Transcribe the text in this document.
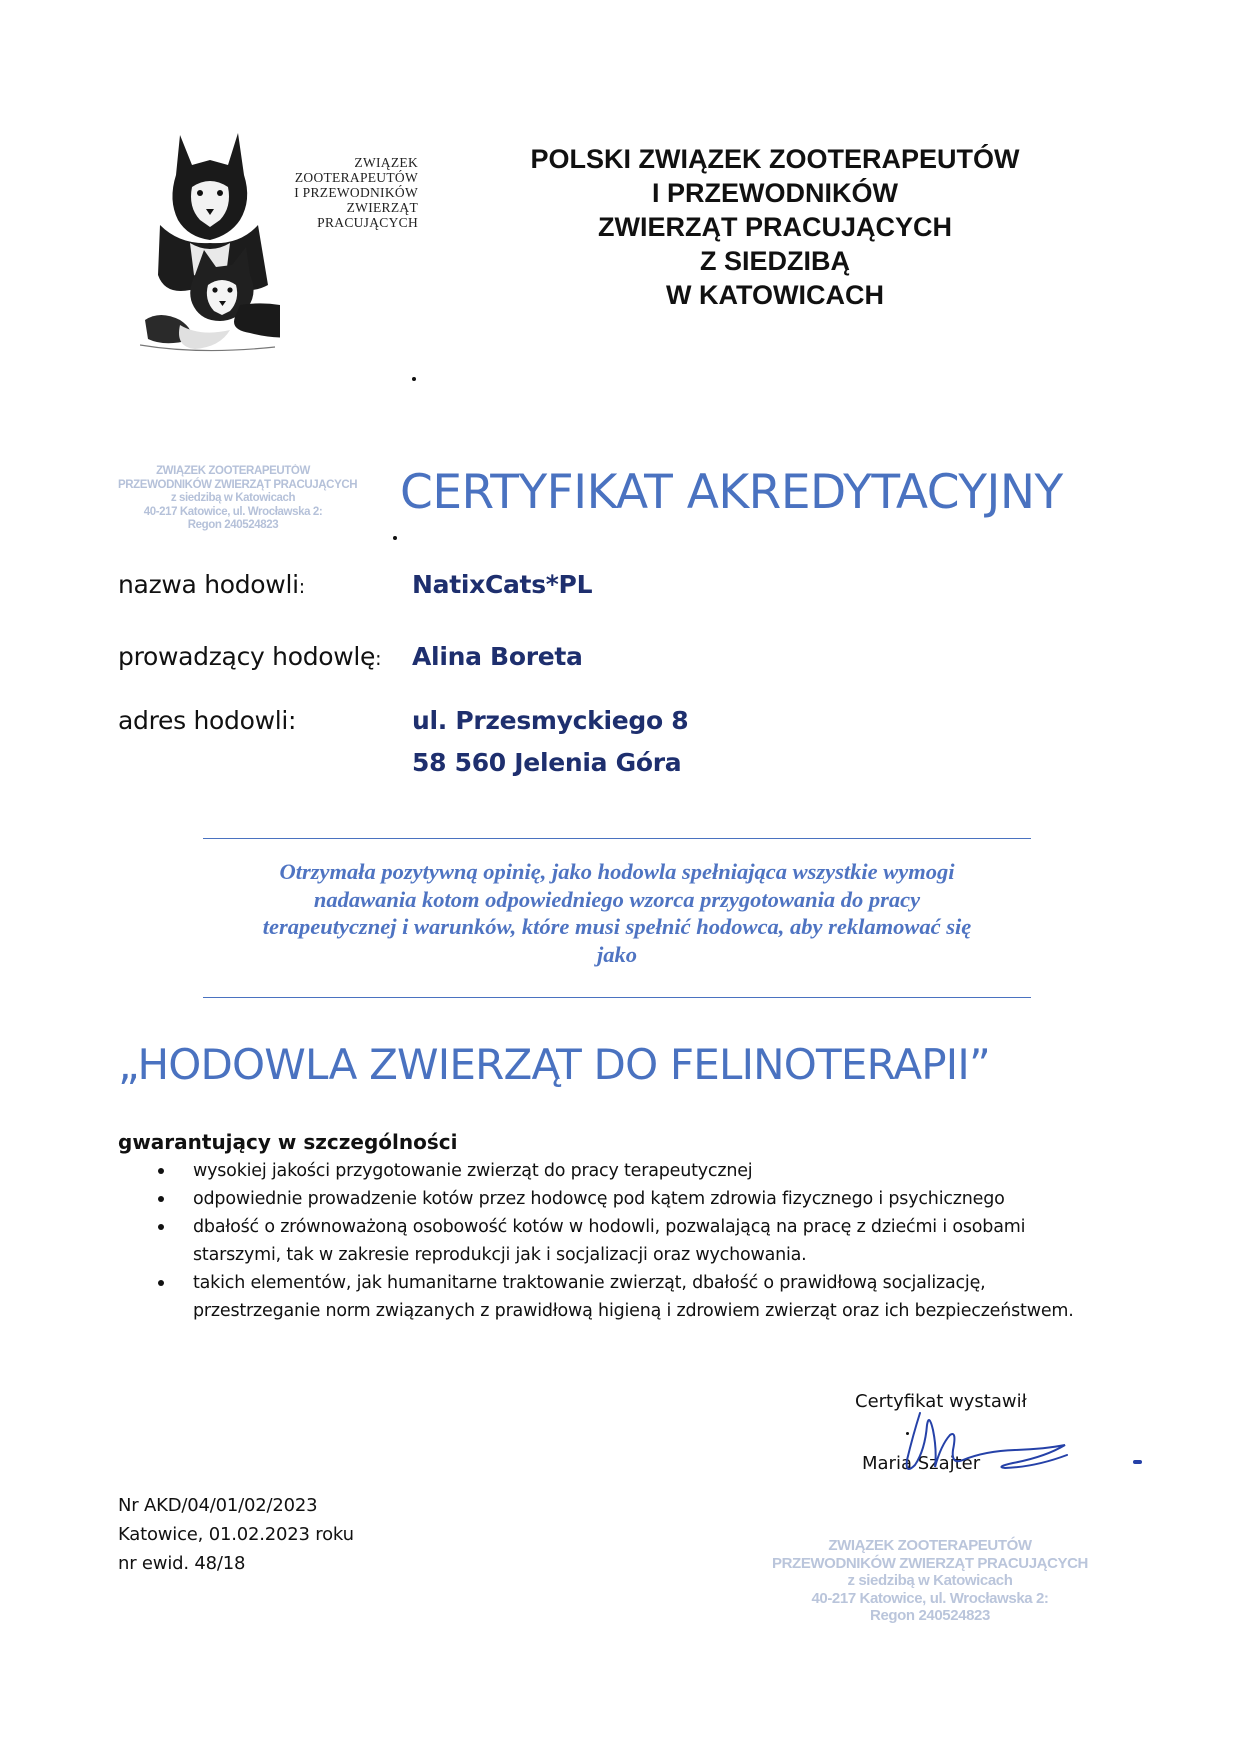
ZWIĄZEK
ZOOTERAPEUTÓW
I PRZEWODNIKÓW
ZWIERZĄT
PRACUJĄCYCH
POLSKI ZWIĄZEK ZOOTERAPEUTÓW
I PRZEWODNIKÓW
ZWIERZĄT PRACUJĄCYCH
Z SIEDZIBĄ
W KATOWICACH
ZWIĄZEK ZOOTERAPEUTÓW
PRZEWODNIKÓW ZWIERZĄT PRACUJĄCYCH
z siedzibą w Katowicach
40-217 Katowice, ul. Wrocławska 2:
Regon 240524823
CERTYFIKAT AKREDYTACYJNY
nazwa hodowli:	NatixCats*PL
prowadzący hodowlę: Alina Boreta
adres hodowli:	ul. Przesmyckiego 8
58 560 Jelenia Góra
Otrzymała pozytywną opinię, jako hodowla spełniająca wszystkie wymogi
nadawania kotom odpowiedniego wzorca przygotowania do pracy
terapeutycznej i warunków, które musi spełnić hodowca, aby reklamować się
jako
„HODOWLA ZWIERZĄT DO FELINOTERAPII”
gwarantujący w szczególności
wysokiej jakości przygotowanie zwierząt do pracy terapeutycznej
odpowiednie prowadzenie kotów przez hodowcę pod kątem zdrowia fizycznego i psychicznego
dbałość o zrównoważoną osobowość kotów w hodowli, pozwalającą na pracę z dziećmi i osobami starszymi, tak w zakresie reprodukcji jak i socjalizacji oraz wychowania.
takich elementów, jak humanitarne traktowanie zwierząt, dbałość o prawidłową socjalizację, przestrzeganie norm związanych z prawidłową higieną i zdrowiem zwierząt oraz ich bezpieczeństwem.
Certyfikat wystawił
Maria Szajter
Nr AKD/04/01/02/2023
Katowice, 01.02.2023 roku
nr ewid. 48/18
ZWIĄZEK ZOOTERAPEUTÓW
PRZEWODNIKÓW ZWIERZĄT PRACUJĄCYCH
z siedzibą w Katowicach
40-217 Katowice, ul. Wrocławska 2:
Regon 240524823
